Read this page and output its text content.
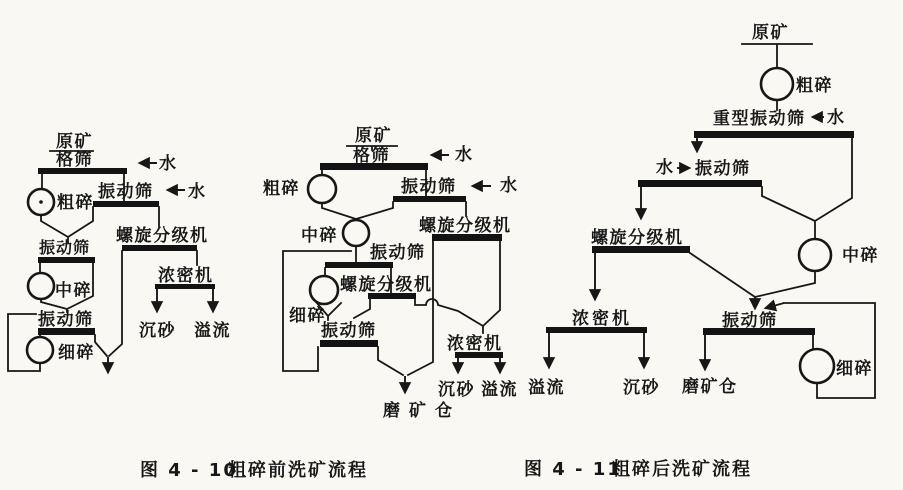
原矿
格筛	水
振动筛 水
粗碎
螺旋分级机
振动筛
浓密机
中碎
振动筛
细碎
沉砂 溢流
原矿
格筛	水
粗碎	振动筛	水
螺旋分级机
中碎
振动筛
螺旋分级机
细碎
振动筛
浓密机
磨矿仓
沉砂 溢流
原矿
粗碎
重型振动筛 水
水 振动筛
螺旋分级机
中碎
浓密机	振动筛
溢流	沉砂 磨矿仓
细碎
图 4 - 10
粗碎前洗矿流程	图 4 - 11
粗碎后洗矿流程
